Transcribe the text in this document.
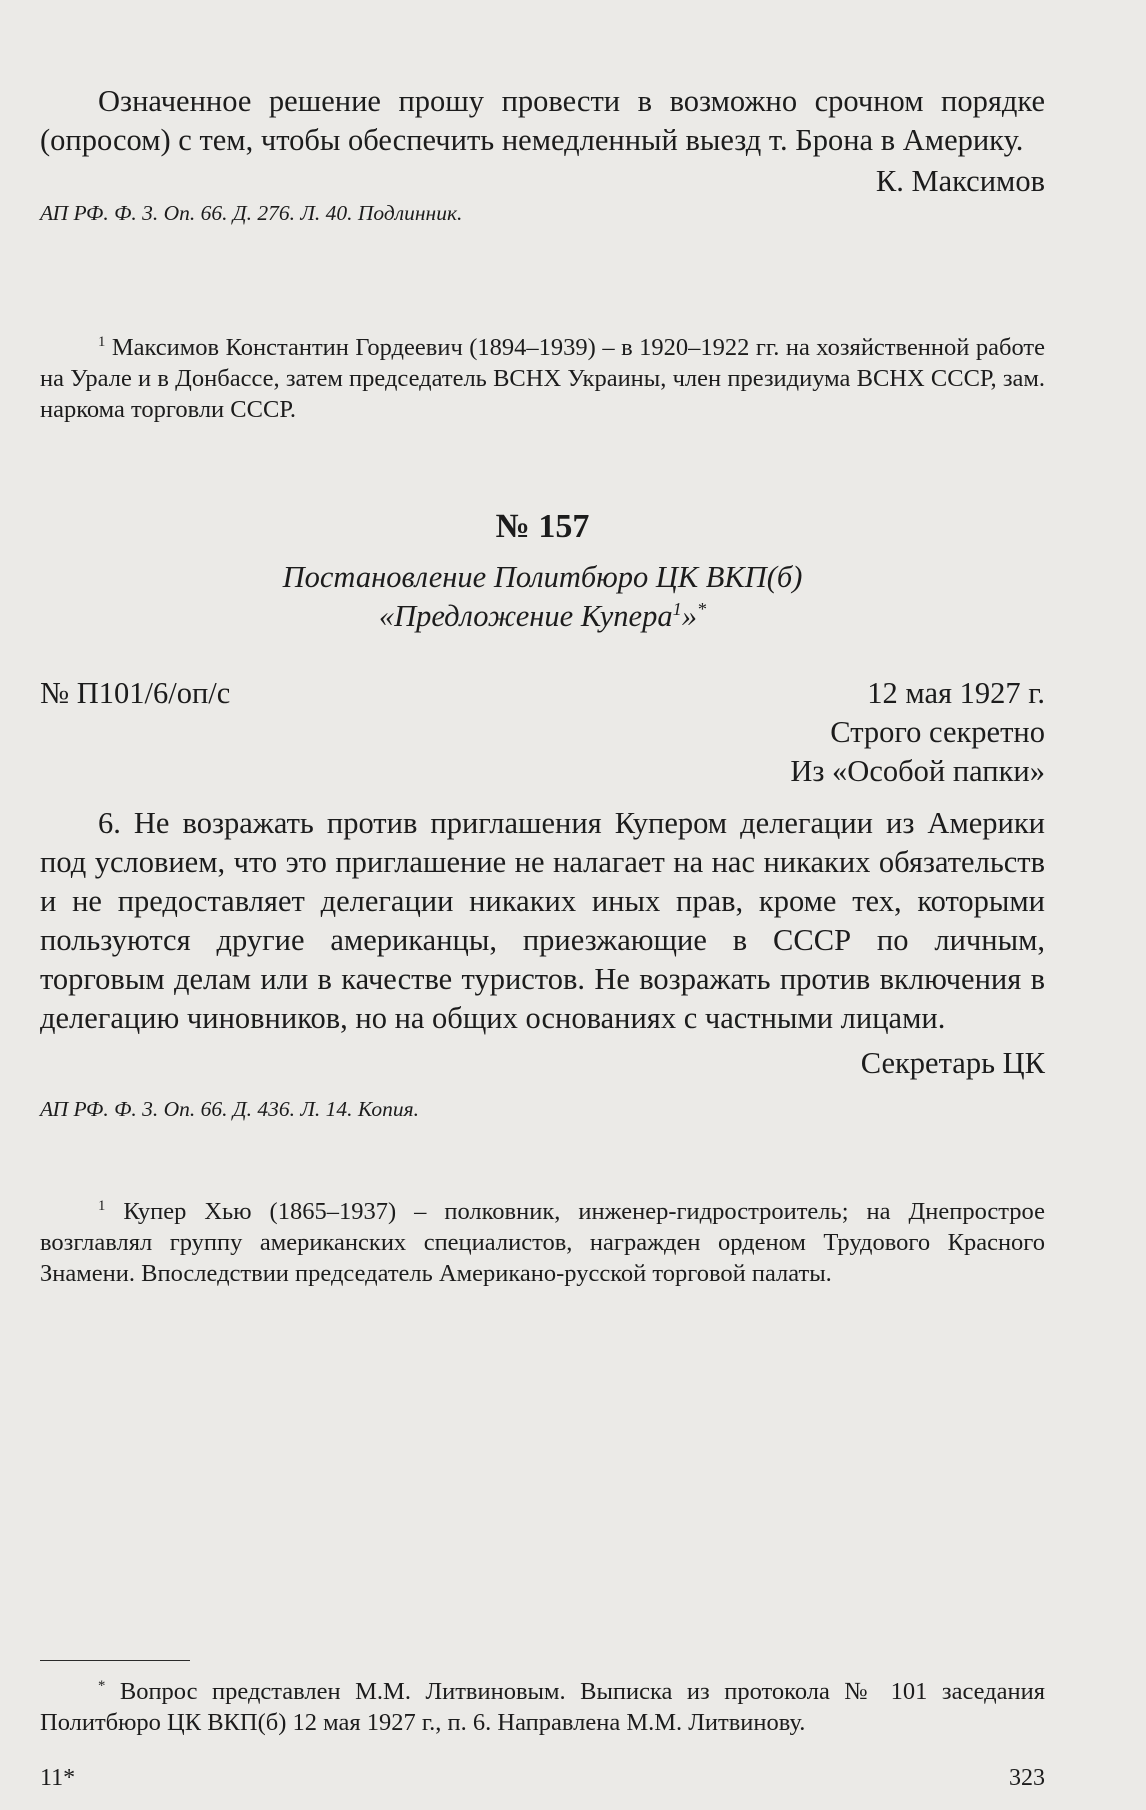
Означенное решение прошу провести в возможно срочном порядке (опросом) с тем, чтобы обеспечить немедленный выезд т. Брона в Америку.

К. Максимов

АП РФ. Ф. 3. Оп. 66. Д. 276. Л. 40. Подлинник.

$^1$ Максимов Константин Гордеевич (1894–1939) – в 1920–1922 гг. на хозяйственной работе на Урале и в Донбассе, затем председатель ВСНХ Украины, член президиума ВСНХ СССР, зам. наркома торговли СССР.

№ 157

Постановление Политбюро ЦК ВКП(б)

«Предложение Купера$^1$»*

№ П101/6/оп/с	12 мая 1927 г.

Строго секретно

Из «Особой папки»

6. Не возражать против приглашения Купером делегации из Америки под условием, что это приглашение не налагает на нас никаких обязательств и не предоставляет делегации никаких иных прав, кроме тех, которыми пользуются другие американцы, приезжающие в СССР по личным, торговым делам или в качестве туристов. Не возражать против включения в делегацию чиновников, но на общих основаниях с частными лицами.

Секретарь ЦК

АП РФ. Ф. 3. Оп. 66. Д. 436. Л. 14. Копия.

$^1$ Купер Хью (1865–1937) – полковник, инженер-гидростроитель; на Днепрострое возглавлял группу американских специалистов, награжден орденом Трудового Красного Знамени. Впоследствии председатель Американо-русской торговой палаты.

* Вопрос представлен М.М. Литвиновым. Выписка из протокола № 101 заседания Политбюро ЦК ВКП(б) 12 мая 1927 г., п. 6. Направлена М.М. Литвинову.

11*	323
